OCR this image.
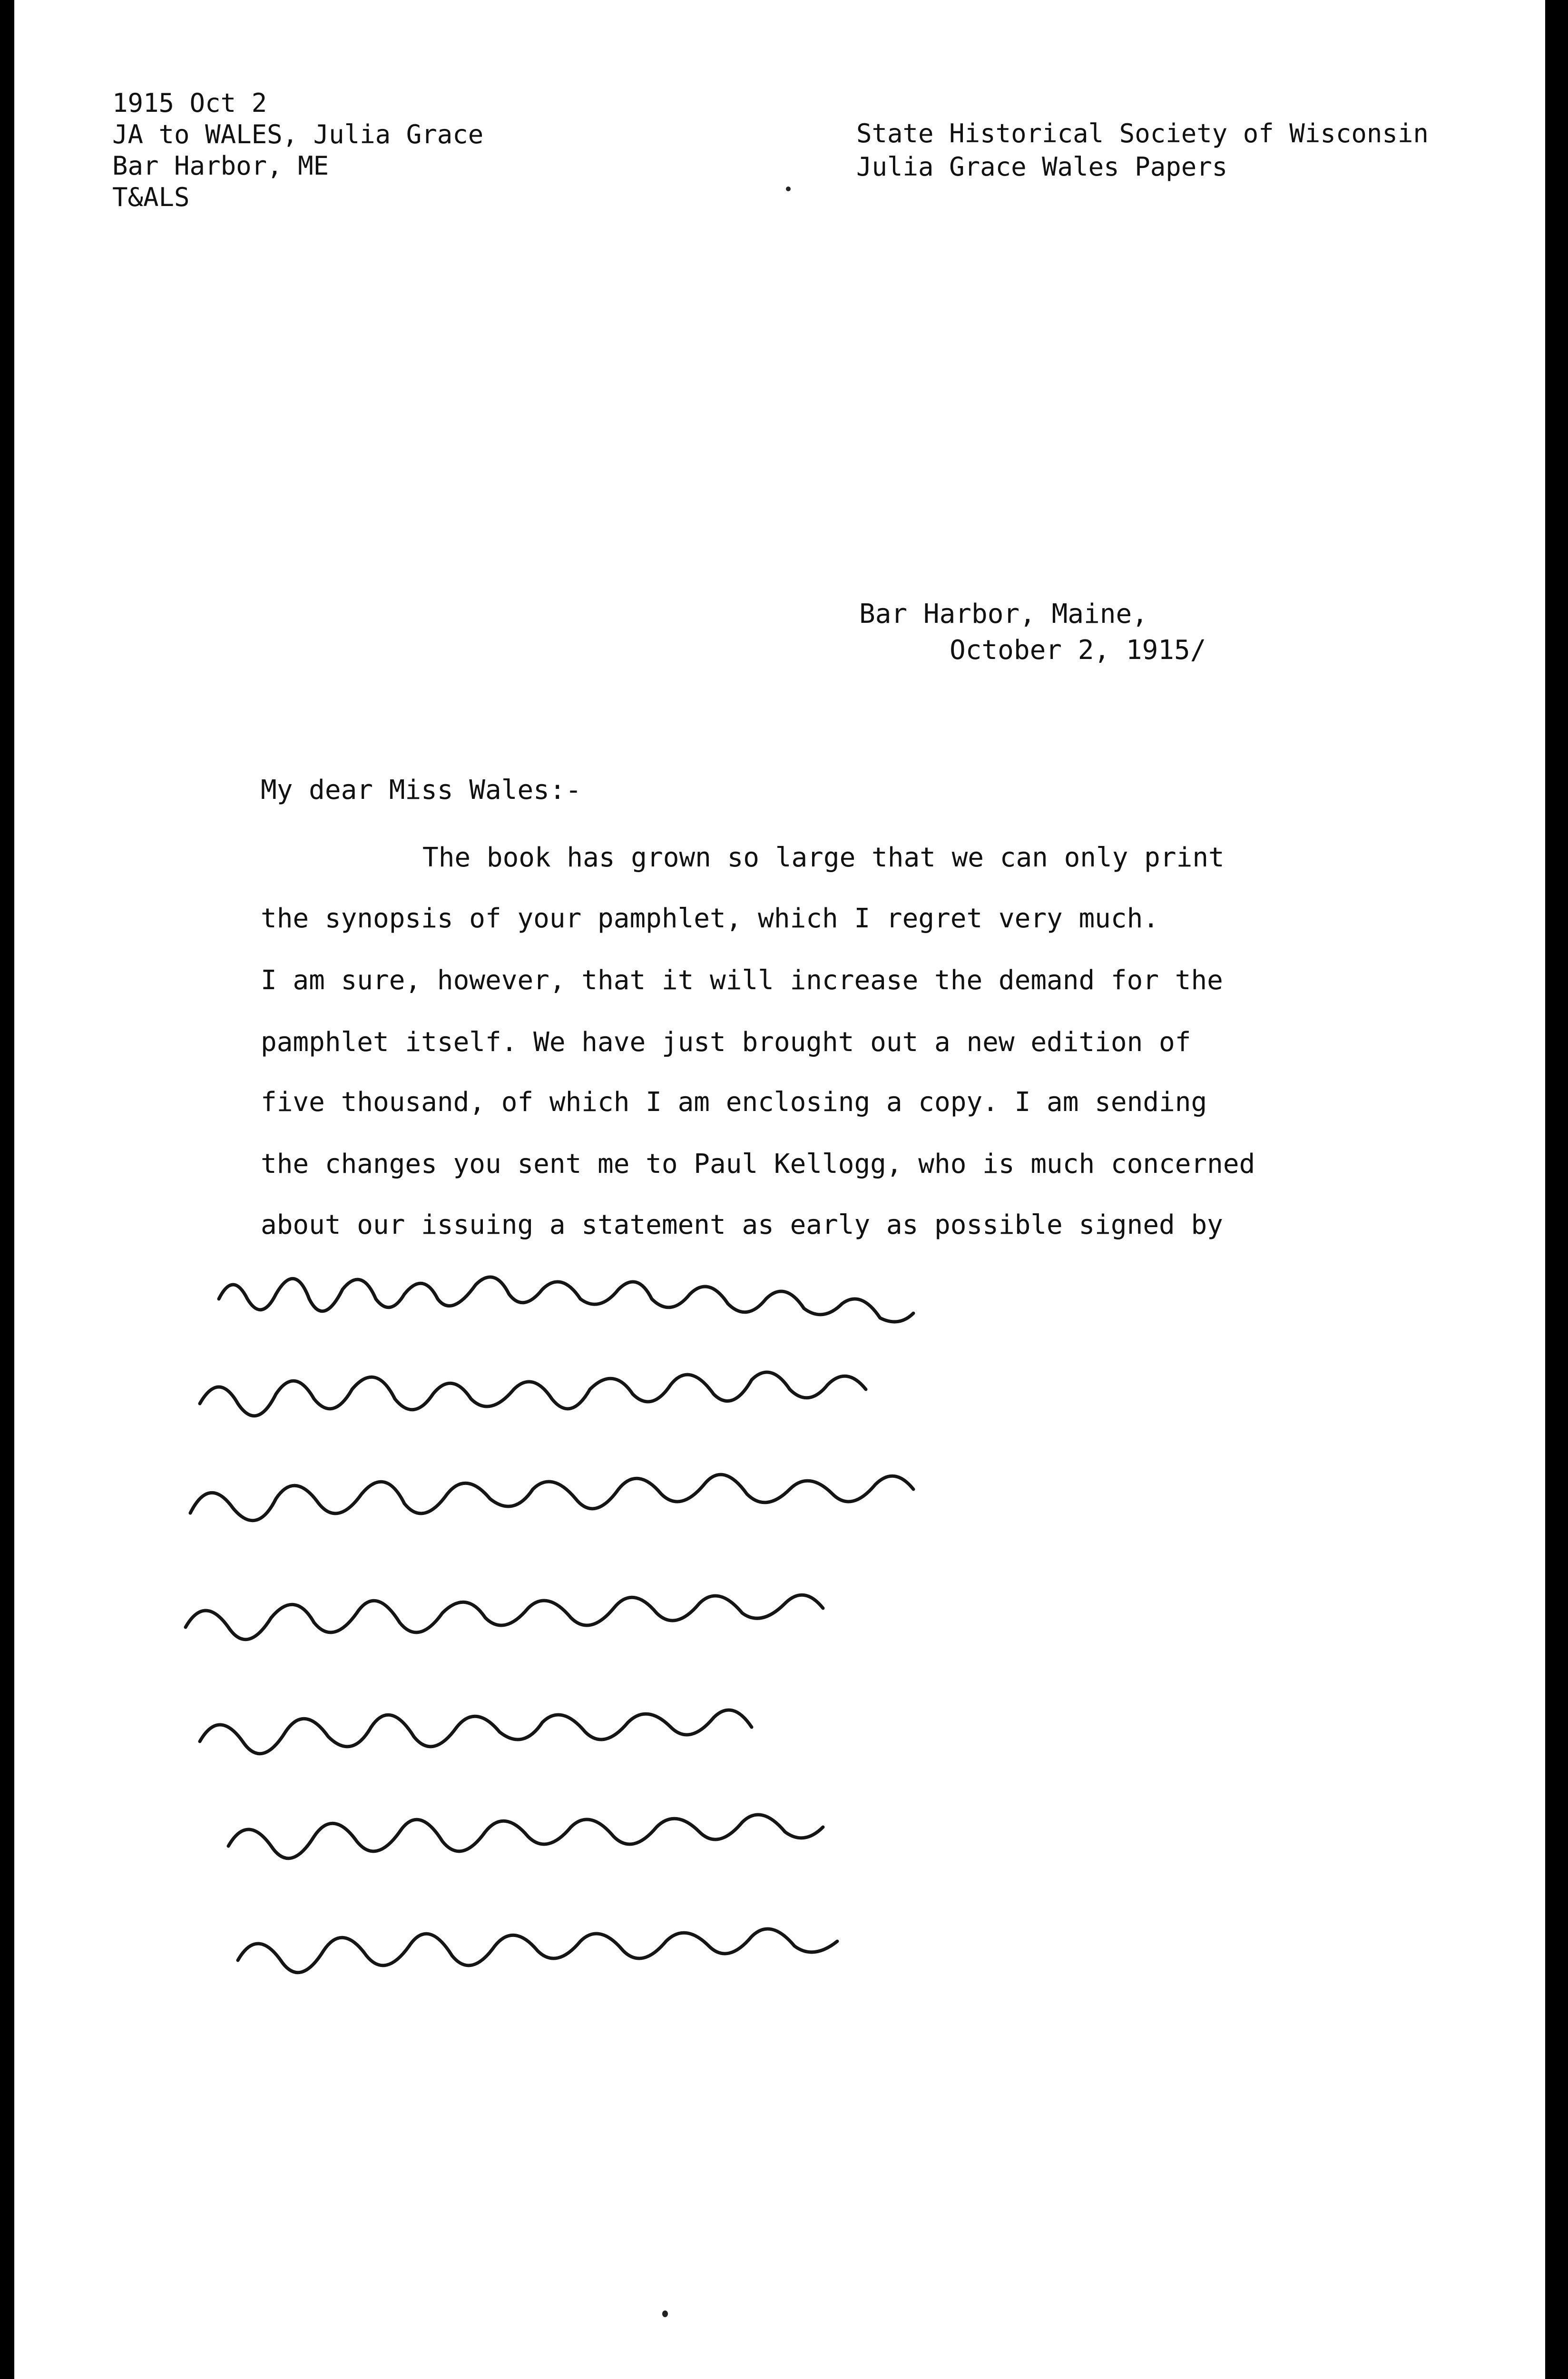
1915 Oct 2
JA to WALES, Julia Grace
Bar Harbor, ME
T&ALS
State Historical Society of Wisconsin
Julia Grace Wales Papers
Bar Harbor, Maine,
October 2, 1915/
My dear Miss Wales:-
The book has grown so large that we can only print
the synopsis of your pamphlet, which I regret very much.
I am sure, however, that it will increase the demand for the
pamphlet itself. We have just brought out a new edition of
five thousand, of which I am enclosing a copy. I am sending
the changes you sent me to Paul Kellogg, who is much concerned
about our issuing a statement as early as possible signed by
